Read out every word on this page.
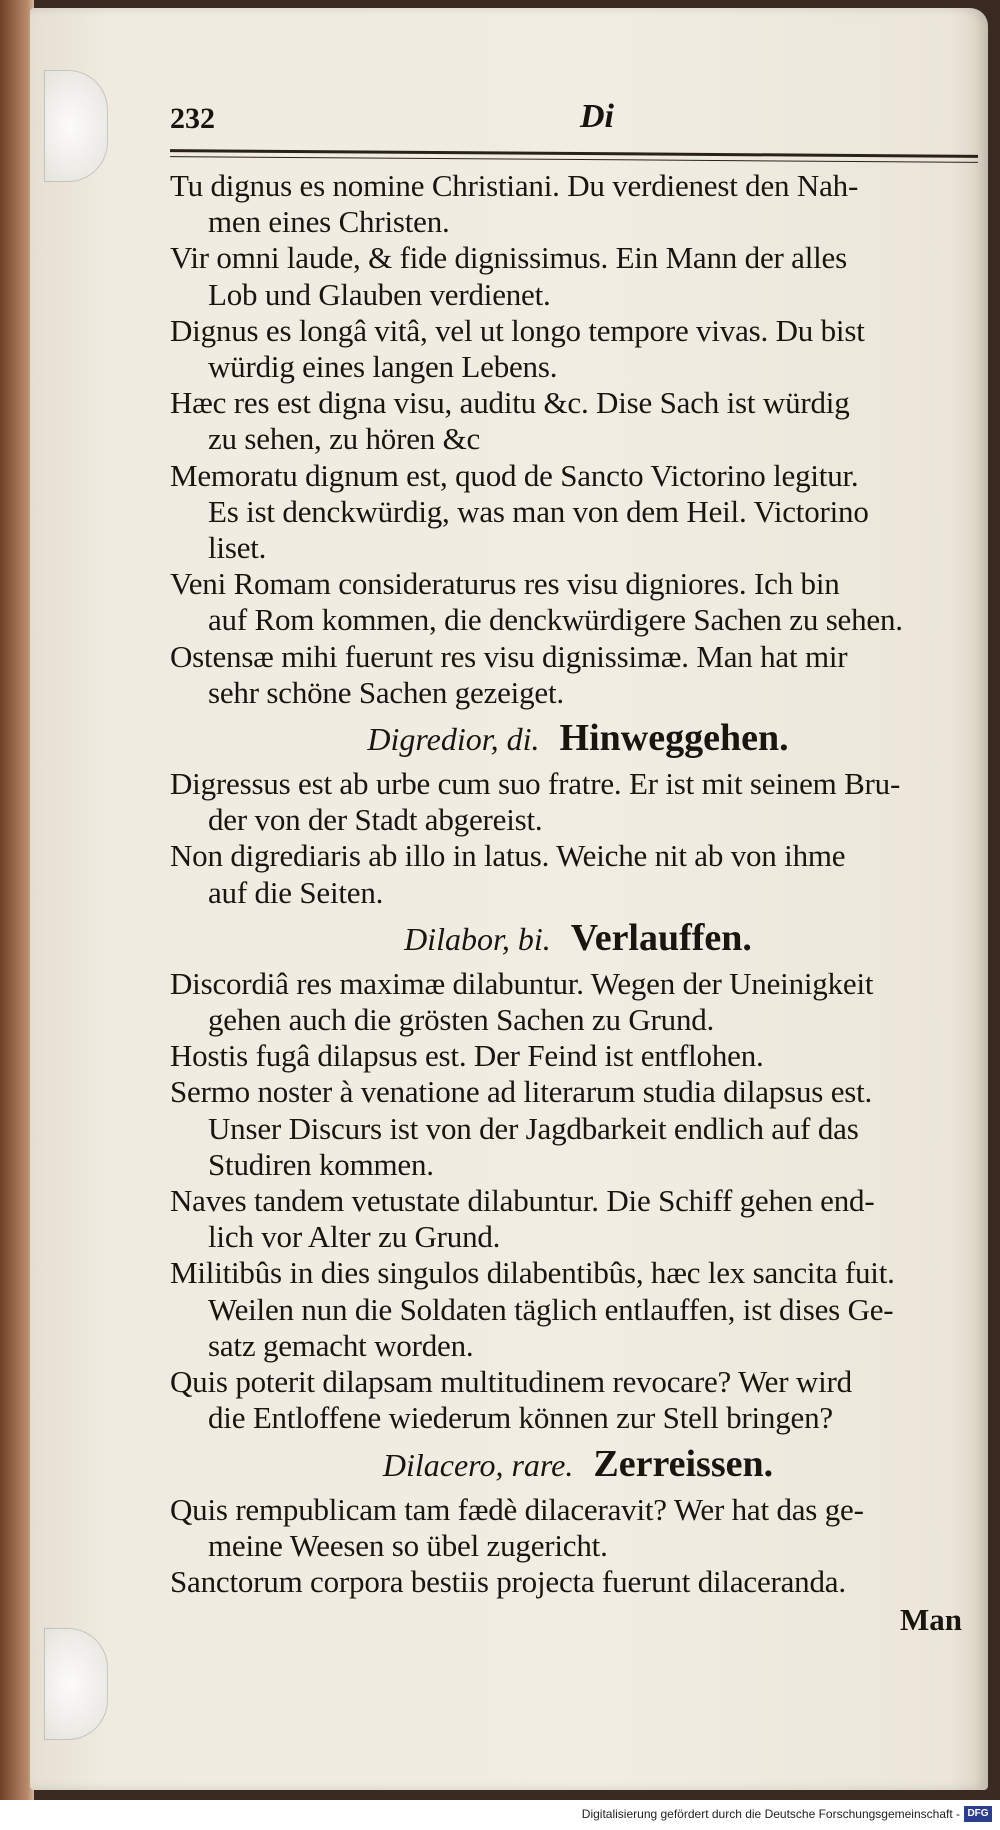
232	Di
Tu dignus es nomine Christiani. Du verdienest den Nah-
men eines Christen.
Vir omni laude, & fide dignissimus. Ein Mann der alles
Lob und Glauben verdienet.
Dignus es longâ vitâ, vel ut longo tempore vivas. Du bist
würdig eines langen Lebens.
Hæc res est digna visu, auditu &c. Dise Sach ist würdig
zu sehen, zu hören &c
Memoratu dignum est, quod de Sancto Victorino legitur.
Es ist denckwürdig, was man von dem Heil. Victorino
liset.
Veni Romam consideraturus res visu digniores. Ich bin
auf Rom kommen, die denckwürdigere Sachen zu sehen.
Ostensæ mihi fuerunt res visu dignissimæ. Man hat mir
sehr schöne Sachen gezeiget.
Digredior, di. Hinweggehen.
Digressus est ab urbe cum suo fratre. Er ist mit seinem Bru-
der von der Stadt abgereist.
Non digrediaris ab illo in latus. Weiche nit ab von ihme
auf die Seiten.
Dilabor, bi. Verlauffen.
Discordiâ res maximæ dilabuntur. Wegen der Uneinigkeit
gehen auch die grösten Sachen zu Grund.
Hostis fugâ dilapsus est. Der Feind ist entflohen.
Sermo noster à venatione ad literarum studia dilapsus est.
Unser Discurs ist von der Jagdbarkeit endlich auf das
Studiren kommen.
Naves tandem vetustate dilabuntur. Die Schiff gehen end-
lich vor Alter zu Grund.
Militibûs in dies singulos dilabentibûs, hæc lex sancita fuit.
Weilen nun die Soldaten täglich entlauffen, ist dises Ge-
satz gemacht worden.
Quis poterit dilapsam multitudinem revocare? Wer wird
die Entloffene wiederum können zur Stell bringen?
Dilacero, rare. Zerreissen.
Quis rempublicam tam fædè dilaceravit? Wer hat das ge-
meine Weesen so übel zugericht.
Sanctorum corpora bestiis projecta fuerunt dilaceranda.
Man
Digitalisierung gefördert durch die Deutsche Forschungsgemeinschaft - DFG
